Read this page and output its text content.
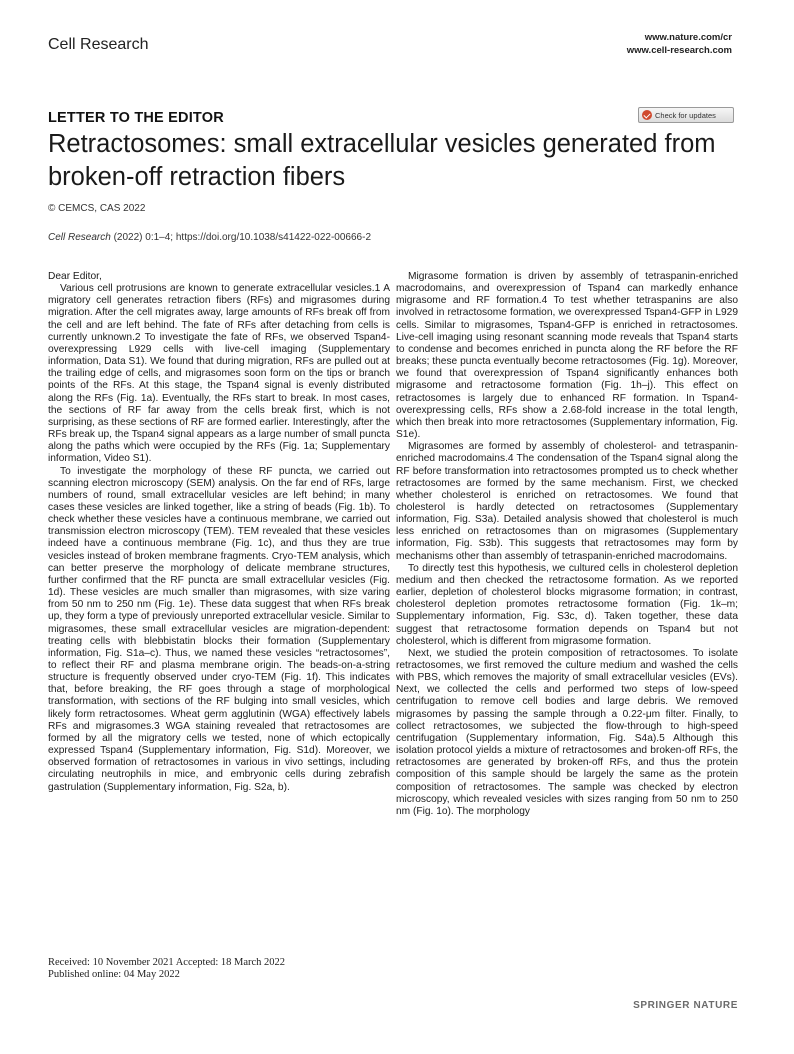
Cell Research	www.nature.com/cr
www.cell-research.com
LETTER TO THE EDITOR	Check for updates
Retractosomes: small extracellular vesicles generated from broken-off retraction fibers
© CEMCS, CAS 2022
Cell Research (2022) 0:1–4; https://doi.org/10.1038/s41422-022-00666-2

Dear Editor,

Various cell protrusions are known to generate extracellular vesicles.1 A migratory cell generates retraction fibers (RFs) and migrasomes during migration. After the cell migrates away, large amounts of RFs break off from the cell and are left behind. The fate of RFs after detaching from cells is currently unknown.2 To investigate the fate of RFs, we observed Tspan4-overexpressing L929 cells with live-cell imaging (Supplementary information, Data S1). We found that during migration, RFs are pulled out at the trailing edge of cells, and migrasomes soon form on the tips or branch points of the RFs. At this stage, the Tspan4 signal is evenly distributed along the RFs (Fig. 1a). Eventually, the RFs start to break. In most cases, the sections of RF far away from the cells break first, which is not surprising, as these sections of RF are formed earlier. Interestingly, after the RFs break up, the Tspan4 signal appears as a large number of small puncta along the paths which were occupied by the RFs (Fig. 1a; Supplementary information, Video S1).

To investigate the morphology of these RF puncta, we carried out scanning electron microscopy (SEM) analysis. On the far end of RFs, large numbers of round, small extracellular vesicles are left behind; in many cases these vesicles are linked together, like a string of beads (Fig. 1b). To check whether these vesicles have a continuous membrane, we carried out transmission electron microscopy (TEM). TEM revealed that these vesicles indeed have a continuous membrane (Fig. 1c), and thus they are true vesicles instead of broken membrane fragments. Cryo-TEM analysis, which can better preserve the morphology of delicate membrane structures, further confirmed that the RF puncta are small extracellular vesicles (Fig. 1d). These vesicles are much smaller than migrasomes, with size varing from 50 nm to 250 nm (Fig. 1e). These data suggest that when RFs break up, they form a type of previously unreported extracellular vesicle. Similar to migrasomes, these small extracellular vesicles are migration-dependent: treating cells with blebbistatin blocks their formation (Supplementary information, Fig. S1a–c). Thus, we named these vesicles “retractosomes”, to reflect their RF and plasma membrane origin. The beads-on-a-string structure is frequently observed under cryo-TEM (Fig. 1f). This indicates that, before breaking, the RF goes through a stage of morphological transformation, with sections of the RF bulging into small vesicles, which likely form retractosomes. Wheat germ agglutinin (WGA) effectively labels RFs and migrasomes.3 WGA staining revealed that retractosomes are formed by all the migratory cells we tested, none of which ectopically expressed Tspan4 (Supplementary information, Fig. S1d). Moreover, we observed formation of retractosomes in various in vivo settings, including circulating neutrophils in mice, and embryonic cells during zebrafish gastrulation (Supplementary information, Fig. S2a, b).

Migrasome formation is driven by assembly of tetraspanin-enriched macrodomains, and overexpression of Tspan4 can markedly enhance migrasome and RF formation.4 To test whether tetraspanins are also involved in retractosome formation, we overexpressed Tspan4-GFP in L929 cells. Similar to migrasomes, Tspan4-GFP is enriched in retractosomes. Live-cell imaging using resonant scanning mode reveals that Tspan4 starts to condense and becomes enriched in puncta along the RF before the RF breaks; these puncta eventually become retractosomes (Fig. 1g). Moreover, we found that overexpression of Tspan4 significantly enhances both migrasome and retractosome formation (Fig. 1h–j). This effect on retractosomes is largely due to enhanced RF formation. In Tspan4-overexpressing cells, RFs show a 2.68-fold increase in the total length, which then break into more retractosomes (Supplementary information, Fig. S1e).

Migrasomes are formed by assembly of cholesterol- and tetraspanin-enriched macrodomains.4 The condensation of the Tspan4 signal along the RF before transformation into retractosomes prompted us to check whether retractosomes are formed by the same mechanism. First, we checked whether cholesterol is enriched on retractosomes. We found that cholesterol is hardly detected on retractosomes (Supplementary information, Fig. S3a). Detailed analysis showed that cholesterol is much less enriched on retractosomes than on migrasomes (Supplementary information, Fig. S3b). This suggests that retractosomes may form by mechanisms other than assembly of tetraspanin-enriched macrodomains.

To directly test this hypothesis, we cultured cells in cholesterol depletion medium and then checked the retractosome formation. As we reported earlier, depletion of cholesterol blocks migrasome formation; in contrast, cholesterol depletion promotes retractosome formation (Fig. 1k–m; Supplementary information, Fig. S3c, d). Taken together, these data suggest that retractosome formation depends on Tspan4 but not cholesterol, which is different from migrasome formation.

Next, we studied the protein composition of retractosomes. To isolate retractosomes, we first removed the culture medium and washed the cells with PBS, which removes the majority of small extracellular vesicles (EVs). Next, we collected the cells and performed two steps of low-speed centrifugation to remove cell bodies and large debris. We removed migrasomes by passing the sample through a 0.22-μm filter. Finally, to collect retractosomes, we subjected the flow-through to high-speed centrifugation (Supplementary information, Fig. S4a).5 Although this isolation protocol yields a mixture of retractosomes and broken-off RFs, the retractosomes are generated by broken-off RFs, and thus the protein composition of this sample should be largely the same as the protein composition of retractosomes. The sample was checked by electron microscopy, which revealed vesicles with sizes ranging from 50 nm to 250 nm (Fig. 1o). The morphology

Received: 10 November 2021 Accepted: 18 March 2022
Published online: 04 May 2022
SPRINGER NATURE
